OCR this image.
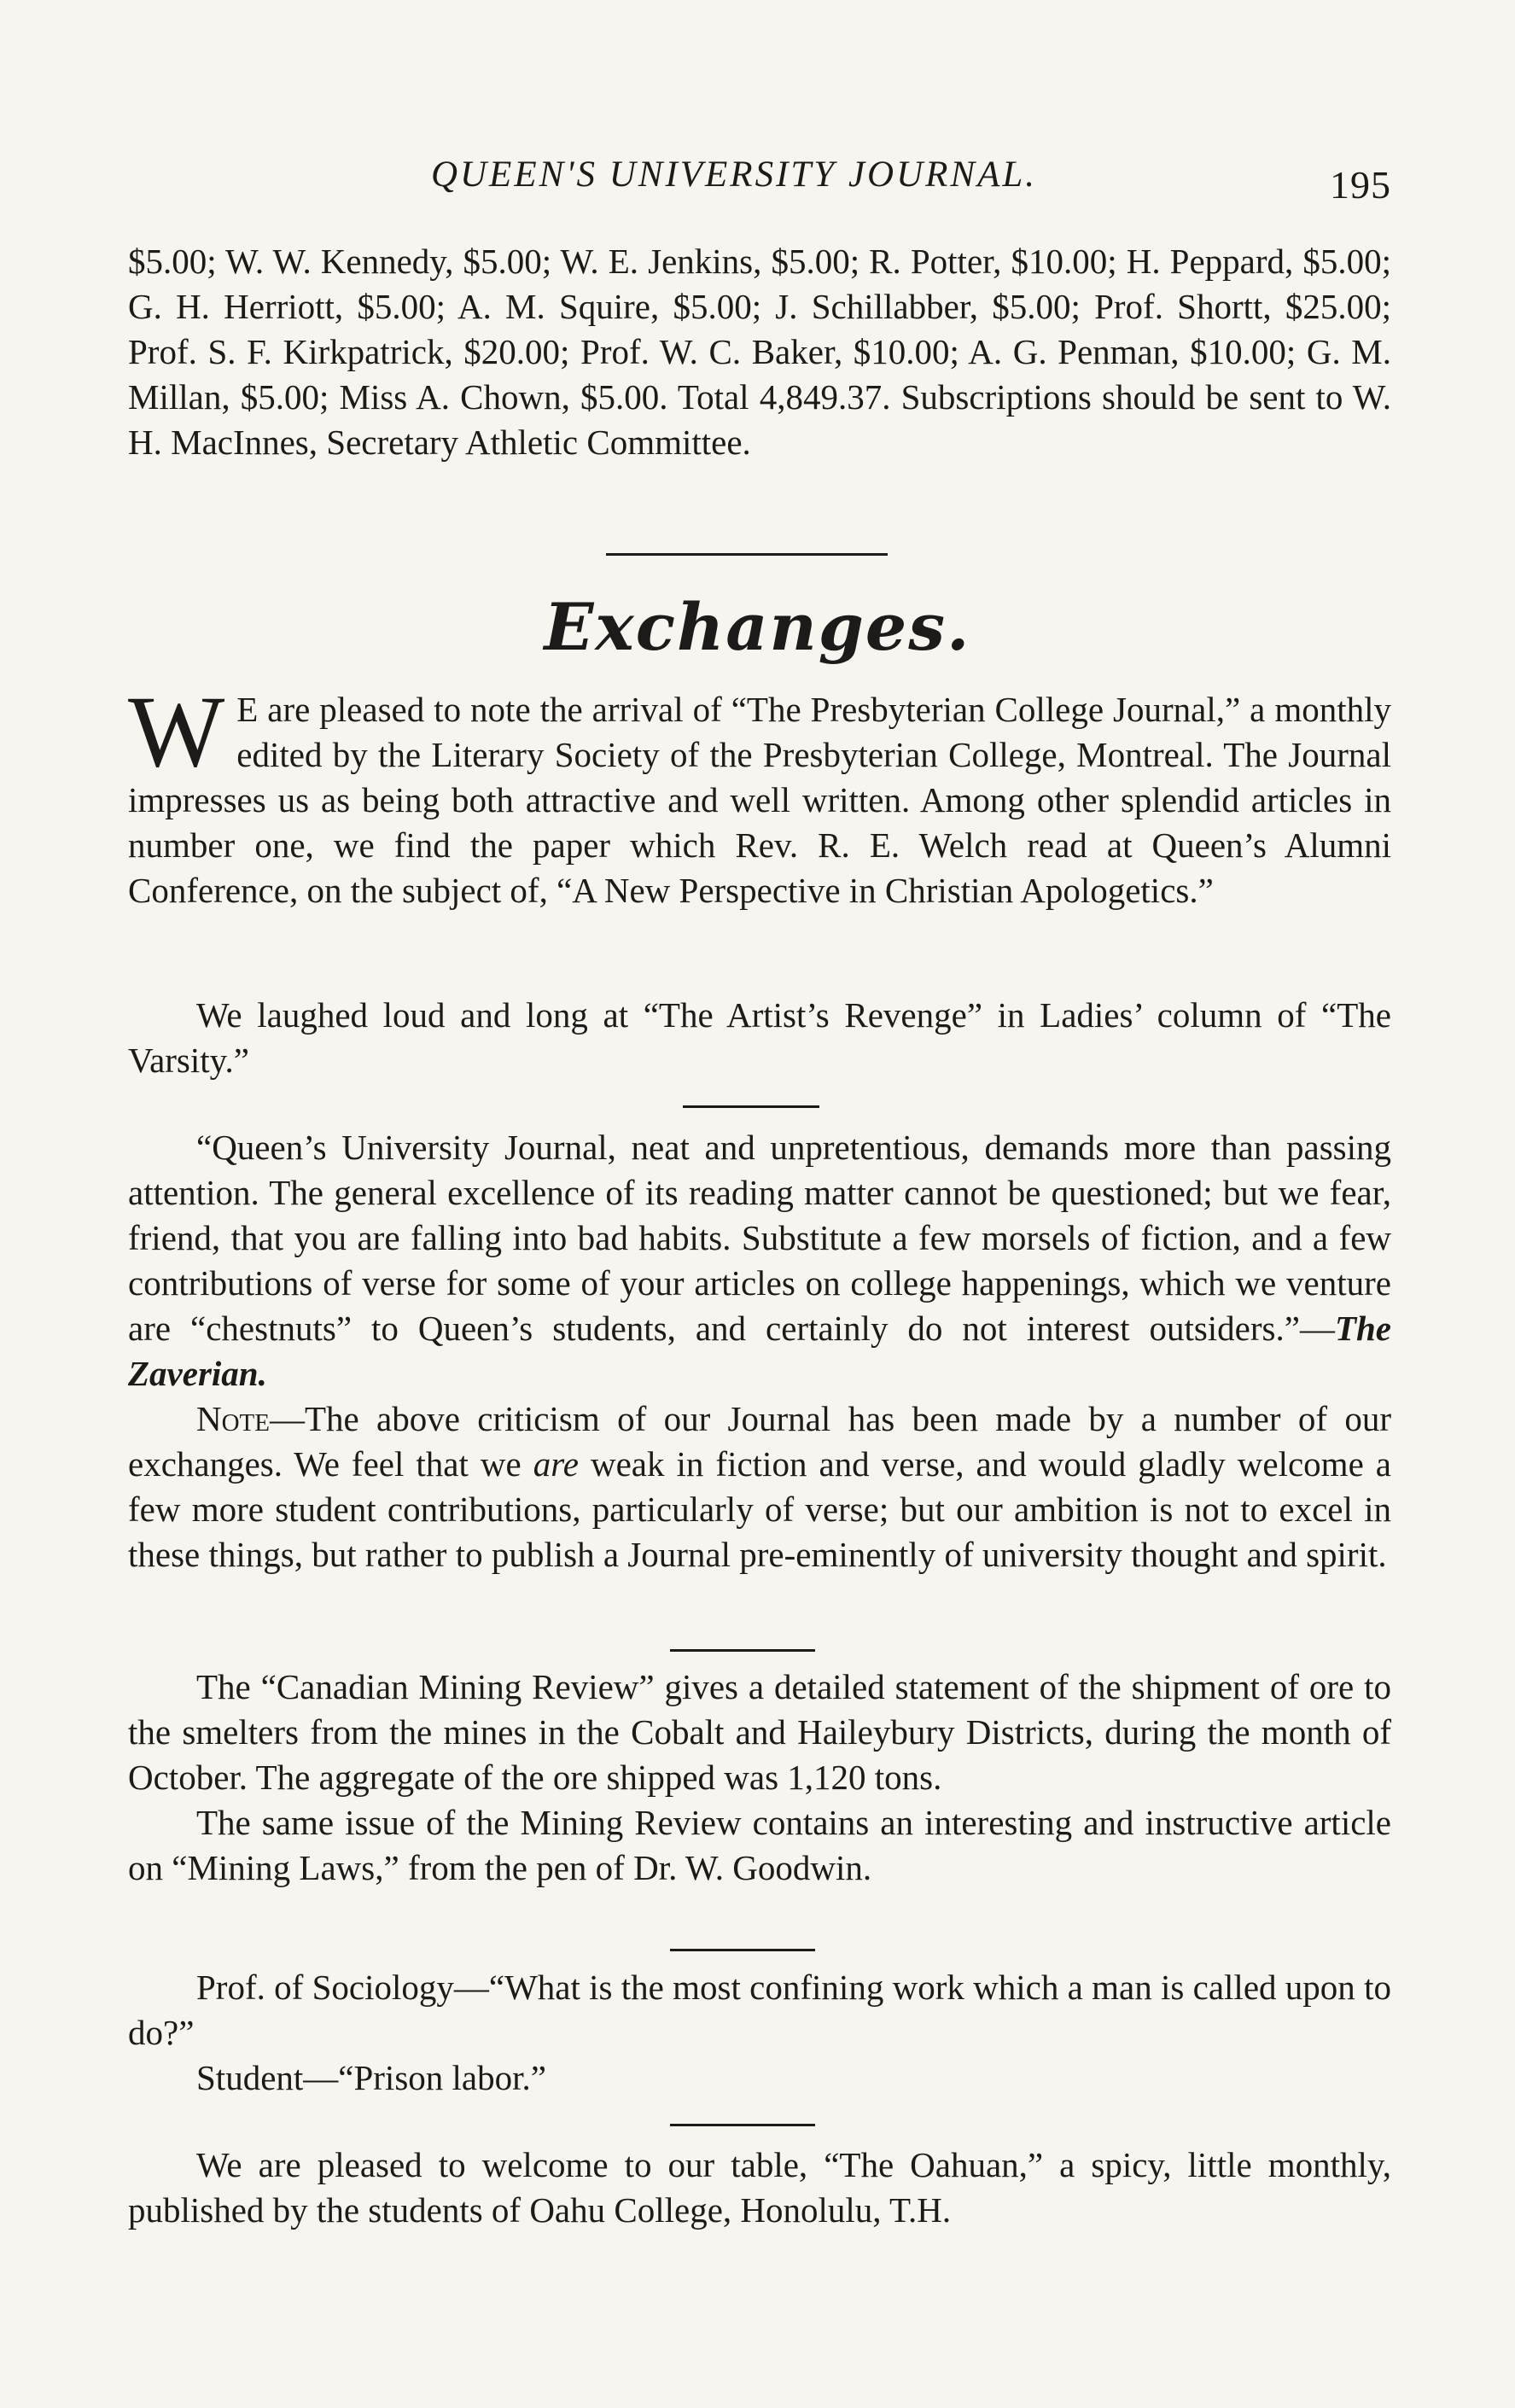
QUEEN'S UNIVERSITY JOURNAL.	195

$5.00; W. W. Kennedy, $5.00; W. E. Jenkins, $5.00; R. Potter, $10.00; H. Peppard, $5.00; G. H. Herriott, $5.00; A. M. Squire, $5.00; J. Schillabber, $5.00; Prof. Shortt, $25.00; Prof. S. F. Kirkpatrick, $20.00; Prof. W. C. Baker, $10.00; A. G. Penman, $10.00; G. M. Millan, $5.00; Miss A. Chown, $5.00. Total 4,849.37. Subscriptions should be sent to W. H. MacInnes, Secretary Athletic Committee.

Exchanges.

W E are pleased to note the arrival of “The Presbyterian College Journal,” a monthly edited by the Literary Society of the Presbyterian College, Montreal. The Journal impresses us as being both attractive and well written. Among other splendid articles in number one, we find the paper which Rev. R. E. Welch read at Queen’s Alumni Conference, on the subject of, “A New Perspective in Christian Apologetics.”

We laughed loud and long at “The Artist’s Revenge” in Ladies’ column of “The Varsity.”

“Queen’s University Journal, neat and unpretentious, demands more than passing attention. The general excellence of its reading matter cannot be questioned; but we fear, friend, that you are falling into bad habits. Substitute a few morsels of fiction, and a few contributions of verse for some of your articles on college happenings, which we venture are “chestnuts” to Queen’s students, and certainly do not interest outsiders.”—The Zaverian.

Note—The above criticism of our Journal has been made by a number of our exchanges. We feel that we are weak in fiction and verse, and would gladly welcome a few more student contributions, particularly of verse; but our ambition is not to excel in these things, but rather to publish a Journal pre-eminently of university thought and spirit.

The “Canadian Mining Review” gives a detailed statement of the shipment of ore to the smelters from the mines in the Cobalt and Haileybury Districts, during the month of October. The aggregate of the ore shipped was 1,120 tons.

The same issue of the Mining Review contains an interesting and instructive article on “Mining Laws,” from the pen of Dr. W. Goodwin.

Prof. of Sociology—“What is the most confining work which a man is called upon to do?”

Student—“Prison labor.”

We are pleased to welcome to our table, “The Oahuan,” a spicy, little monthly, published by the students of Oahu College, Honolulu, T.H.
